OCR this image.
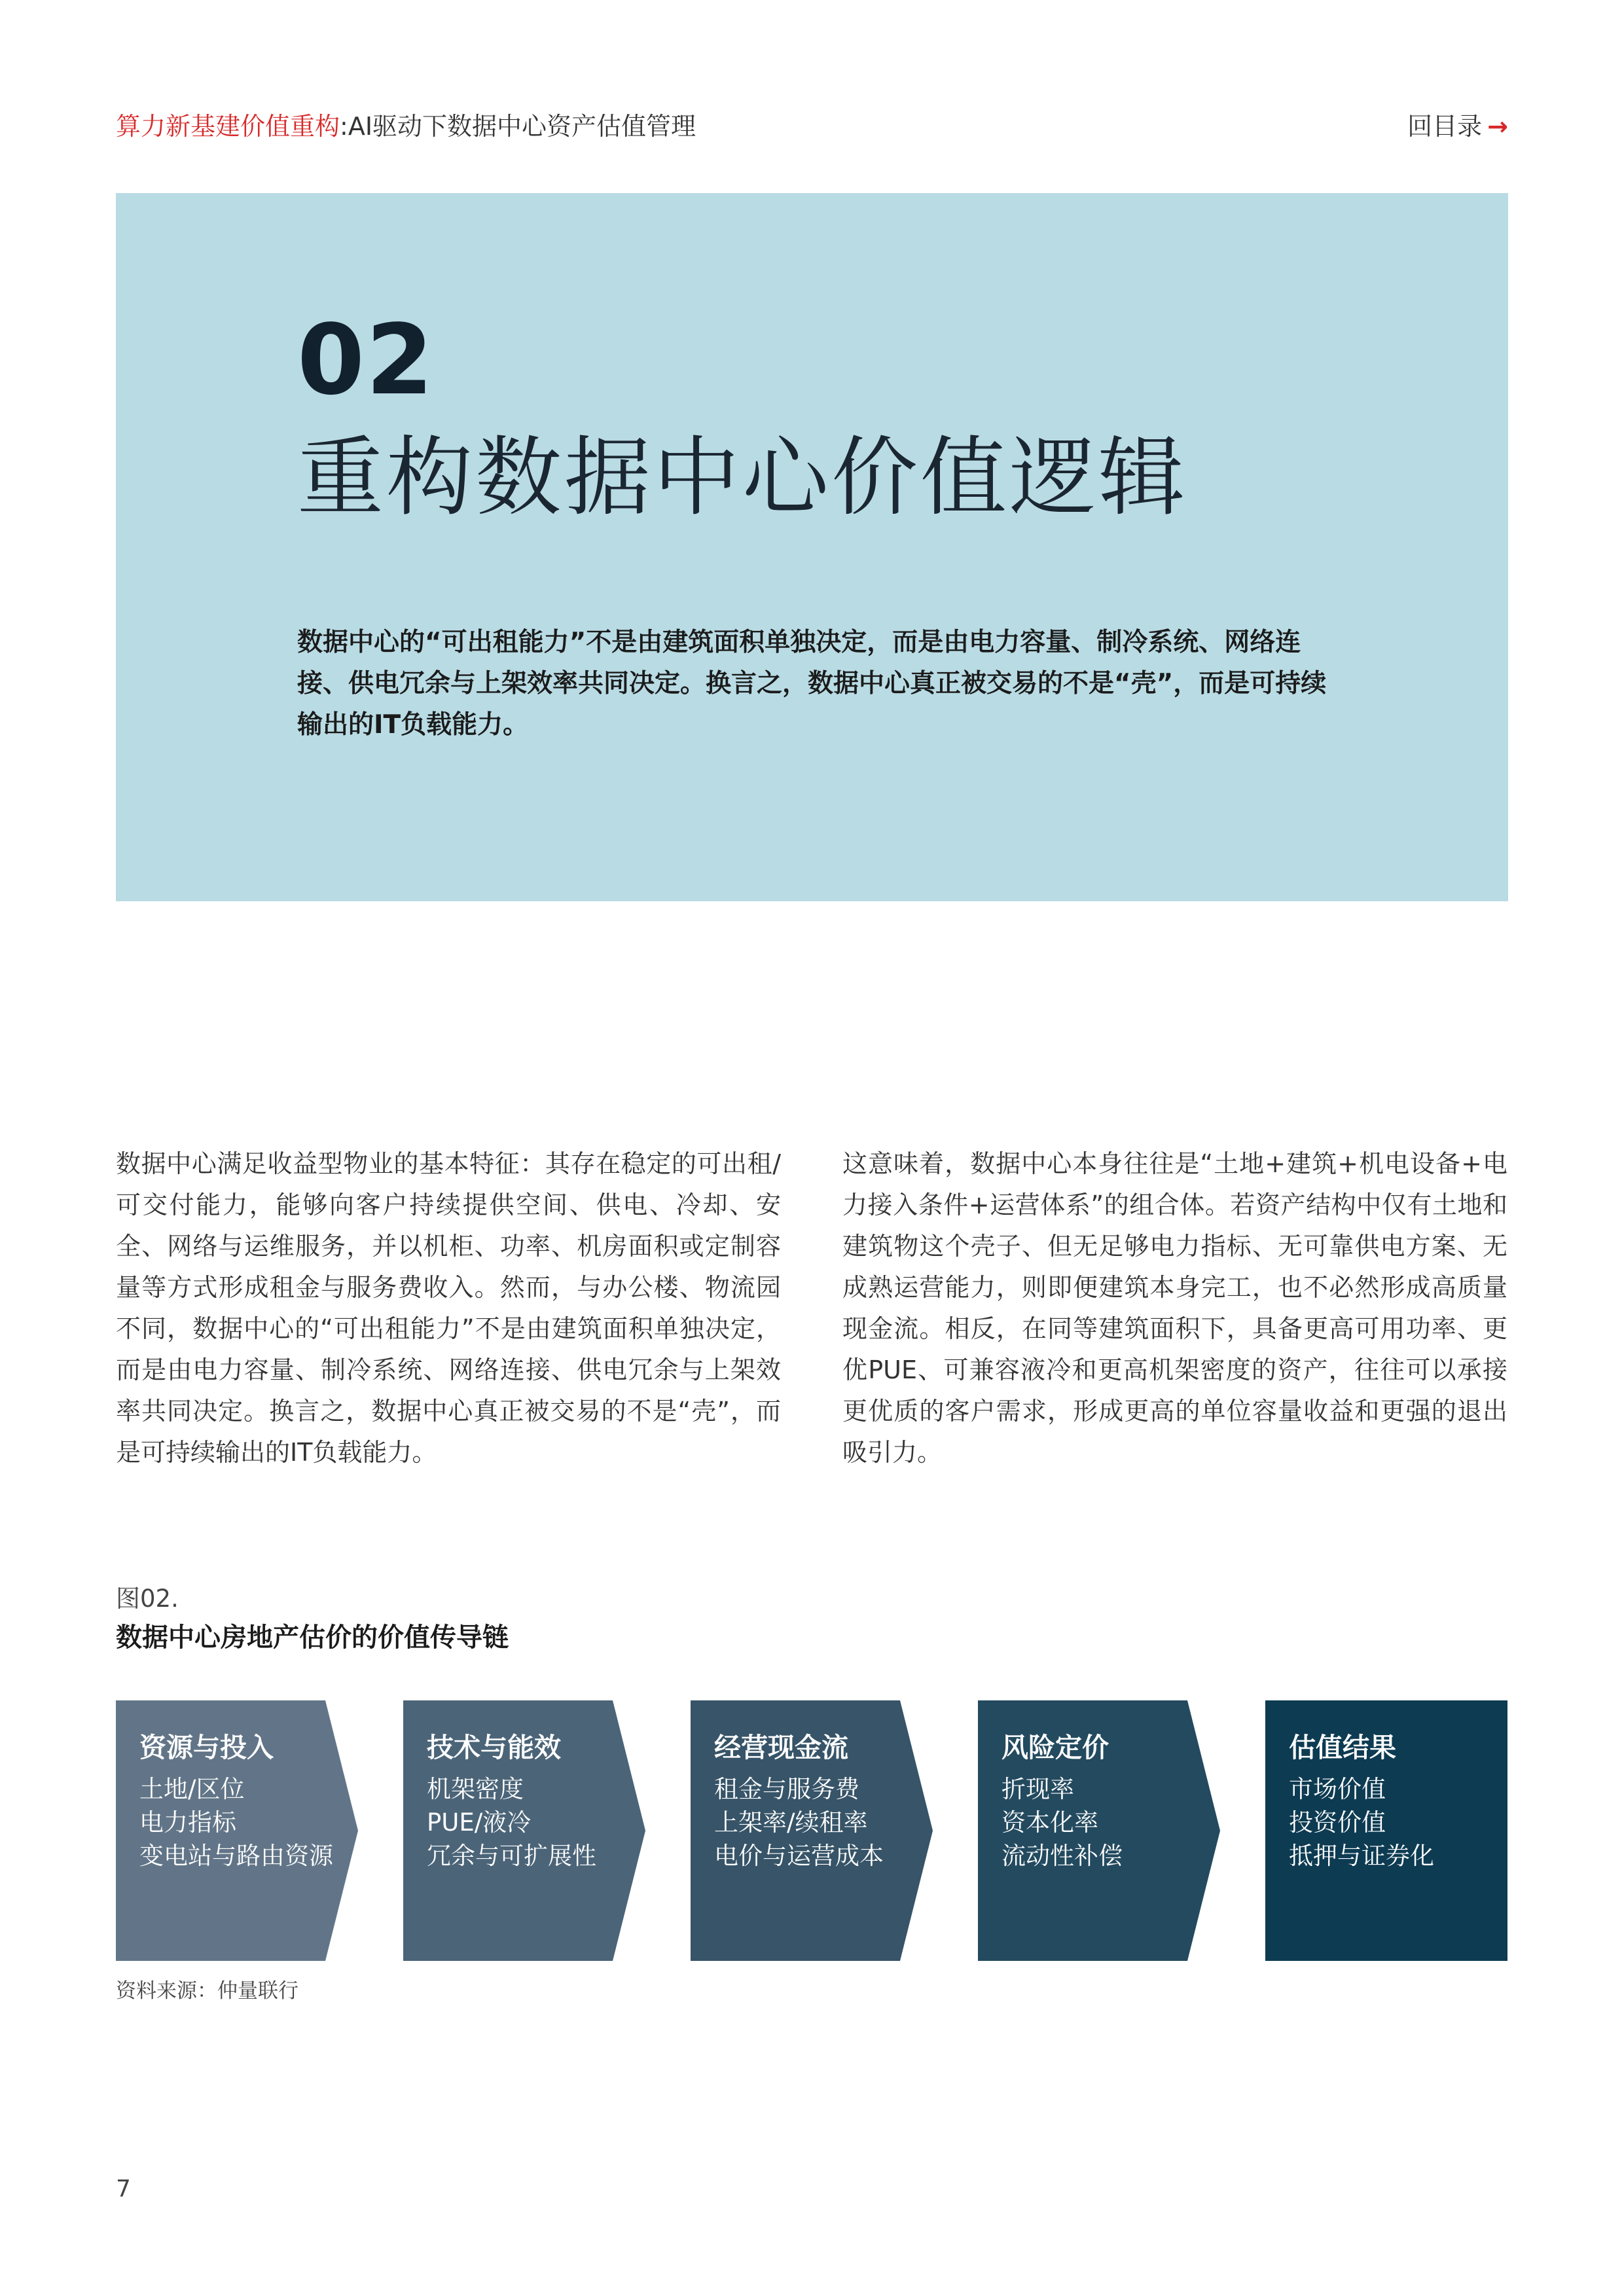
算力新基建价值重构:AI驱动下数据中心资产估值管理	回目录 →
02
重构数据中心价值逻辑

数据中心的“可出租能力”不是由建筑面积单独决定，而是由电力容量、制冷系统、网络连接、供电冗余与上架效率共同决定。换言之，数据中心真正被交易的不是“壳”，而是可持续输出的IT负载能力。

数据中心满足收益型物业的基本特征：其存在稳定的可出租/可交付能力，能够向客户持续提供空间、供电、冷却、安全、网络与运维服务，并以机柜、功率、机房面积或定制容量等方式形成租金与服务费收入。然而，与办公楼、物流园不同，数据中心的“可出租能力”不是由建筑面积单独决定，而是由电力容量、制冷系统、网络连接、供电冗余与上架效率共同决定。换言之，数据中心真正被交易的不是“壳”，而是可持续输出的IT负载能力。

这意味着，数据中心本身往往是“土地+建筑+机电设备+电力接入条件+运营体系”的组合体。若资产结构中仅有土地和建筑物这个壳子、但无足够电力指标、无可靠供电方案、无成熟运营能力，则即便建筑本身完工，也不必然形成高质量现金流。相反，在同等建筑面积下，具备更高可用功率、更优PUE、可兼容液冷和更高机架密度的资产，往往可以承接更优质的客户需求，形成更高的单位容量收益和更强的退出吸引力。

图02.
数据中心房地产估价的价值传导链
资源与投入
土地/区位
电力指标
变电站与路由资源
技术与能效
机架密度
PUE/液冷
冗余与可扩展性
经营现金流
租金与服务费
上架率/续租率
电价与运营成本
风险定价
折现率
资本化率
流动性补偿
估值结果
市场价值
投资价值
抵押与证券化
资料来源：仲量联行
7
